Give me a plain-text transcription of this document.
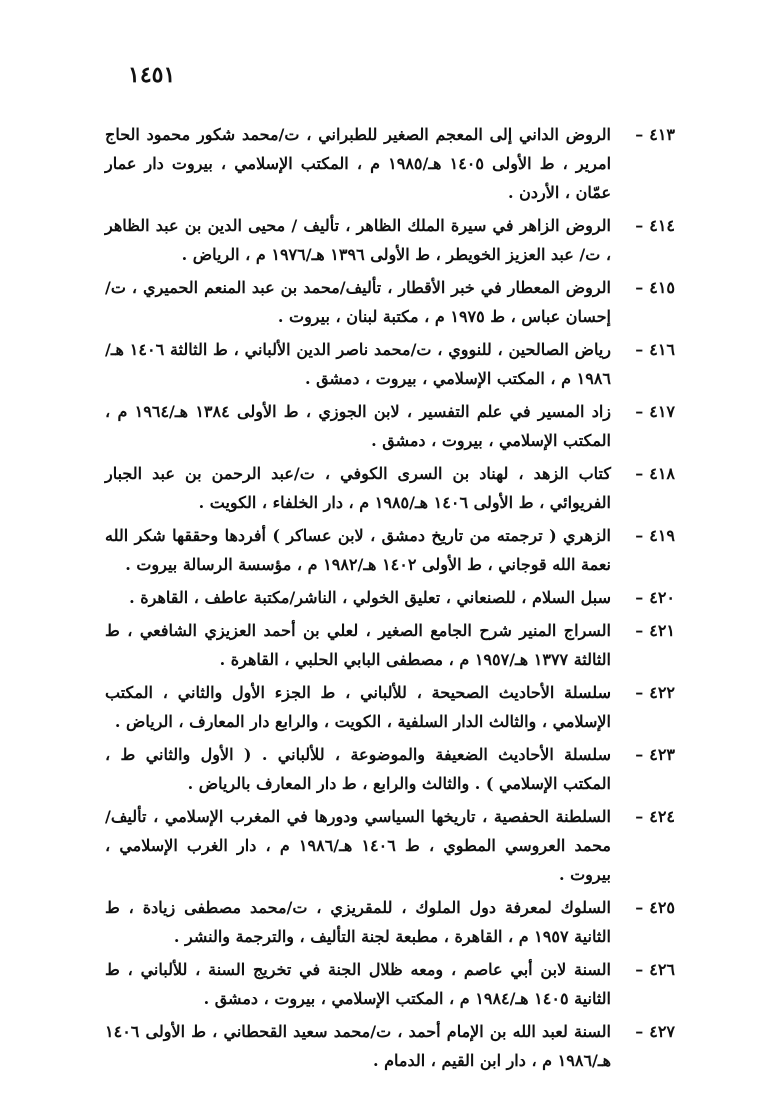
١٤٥١
٤١٣–
الروض الداني إلى المعجم الصغير للطبراني ، ت/محمد شكور محمود الحاج امرير ، ط الأولى ١٤٠٥ هـ/١٩٨٥ م ، المكتب الإسلامي ، بيروت دار عمار عمّان ، الأردن .
٤١٤–
الروض الزاهر في سيرة الملك الظاهر ، تأليف / محيى الدين بن عبد الظاهر ، ت/ عبد العزيز الخويطر ، ط الأولى ١٣٩٦ هـ/١٩٧٦ م ، الرياض .
٤١٥–
الروض المعطار في خبر الأقطار ، تأليف/محمد بن عبد المنعم الحميري ، ت/إحسان عباس ، ط ١٩٧٥ م ، مكتبة لبنان ، بيروت .
٤١٦–
رياض الصالحين ، للنووي ، ت/محمد ناصر الدين الألباني ، ط الثالثة ١٤٠٦ هـ/ ١٩٨٦ م ، المكتب الإسلامي ، بيروت ، دمشق .
٤١٧–
زاد المسير في علم التفسير ، لابن الجوزي ، ط الأولى ١٣٨٤ هـ/١٩٦٤ م ، المكتب الإسلامي ، بيروت ، دمشق .
٤١٨–
كتاب الزهد ، لهناد بن السرى الكوفي ، ت/عبد الرحمن بن عبد الجبار الفريوائي ، ط الأولى ١٤٠٦ هـ/١٩٨٥ م ، دار الخلفاء ، الكويت .
٤١٩–
الزهري ( ترجمته من تاريخ دمشق ، لابن عساكر ) أفردها وحققها شكر الله نعمة الله قوجاني ، ط الأولى ١٤٠٢ هـ/١٩٨٢ م ، مؤسسة الرسالة بيروت .
٤٢٠–
سبل السلام ، للصنعاني ، تعليق الخولي ، الناشر/مكتبة عاطف ، القاهرة .
٤٢١–
السراج المنير شرح الجامع الصغير ، لعلي بن أحمد العزيزي الشافعي ، ط الثالثة ١٣٧٧ هـ/١٩٥٧ م ، مصطفى البابي الحلبي ، القاهرة .
٤٢٢–
سلسلة الأحاديث الصحيحة ، للألباني ، ط الجزء الأول والثاني ، المكتب الإسلامي ، والثالث الدار السلفية ، الكويت ، والرابع دار المعارف ، الرياض .
٤٢٣–
سلسلة الأحاديث الضعيفة والموضوعة ، للألباني . ( الأول والثاني ط ، المكتب الإسلامي ) . والثالث والرابع ، ط دار المعارف بالرياض .
٤٢٤–
السلطنة الحفصية ، تاريخها السياسي ودورها في المغرب الإسلامي ، تأليف/محمد العروسي المطوي ، ط ١٤٠٦ هـ/١٩٨٦ م ، دار الغرب الإسلامي ، بيروت .
٤٢٥–
السلوك لمعرفة دول الملوك ، للمقريزي ، ت/محمد مصطفى زيادة ، ط الثانية ١٩٥٧ م ، القاهرة ، مطبعة لجنة التأليف ، والترجمة والنشر .
٤٢٦–
السنة لابن أبي عاصم ، ومعه ظلال الجنة في تخريج السنة ، للألباني ، ط الثانية ١٤٠٥ هـ/١٩٨٤ م ، المكتب الإسلامي ، بيروت ، دمشق .
٤٢٧–
السنة لعبد الله بن الإمام أحمد ، ت/محمد سعيد القحطاني ، ط الأولى ١٤٠٦ هـ/١٩٨٦ م ، دار ابن القيم ، الدمام .
